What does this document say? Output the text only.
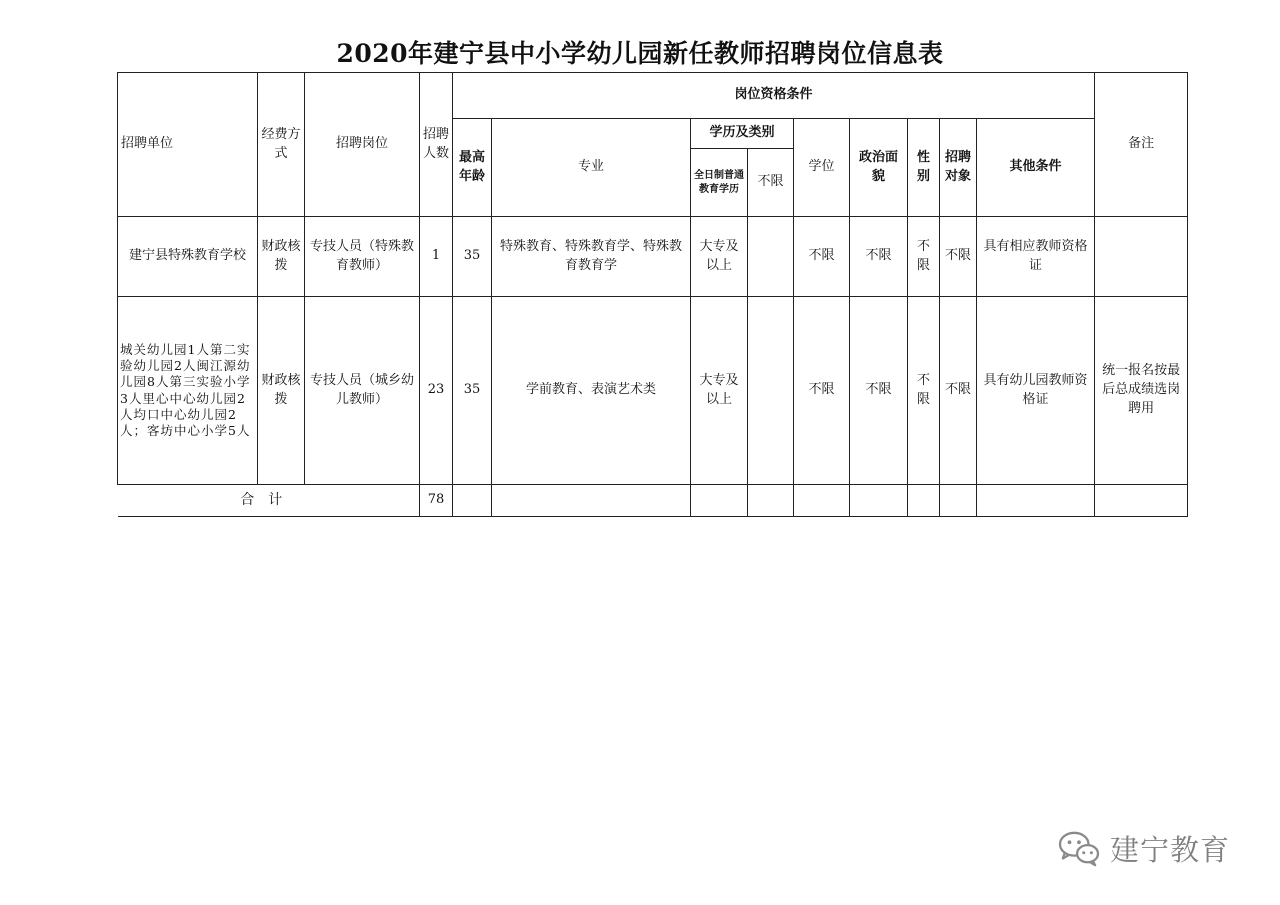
2020年建宁县中小学幼儿园新任教师招聘岗位信息表
招聘单位	经费方式	招聘岗位	招聘人数	岗位资格条件									备注
				最高年龄	专业	学历及类别		学位	政治面貌	性别	招聘对象	其他条件	
						全日制普通教育学历	不限						
建宁县特殊教育学校	财政核拨	专技人员（特殊教育教师）	1	35	特殊教育、特殊教育学、特殊教育教育学	大专及以上		不限	不限	不限	不限	具有相应教师资格证	
城关幼儿园1人第二实验幼儿园2人闽江源幼儿园8人第三实验小学3人里心中心幼儿园2人均口中心幼儿园2人；客坊中心小学5人	财政核拨	专技人员（城乡幼儿教师）	23	35	学前教育、表演艺术类	大专及以上		不限	不限	不限	不限	具有幼儿园教师资格证	统一报名按最后总成绩选岗聘用
合计			78										
建宁教育
